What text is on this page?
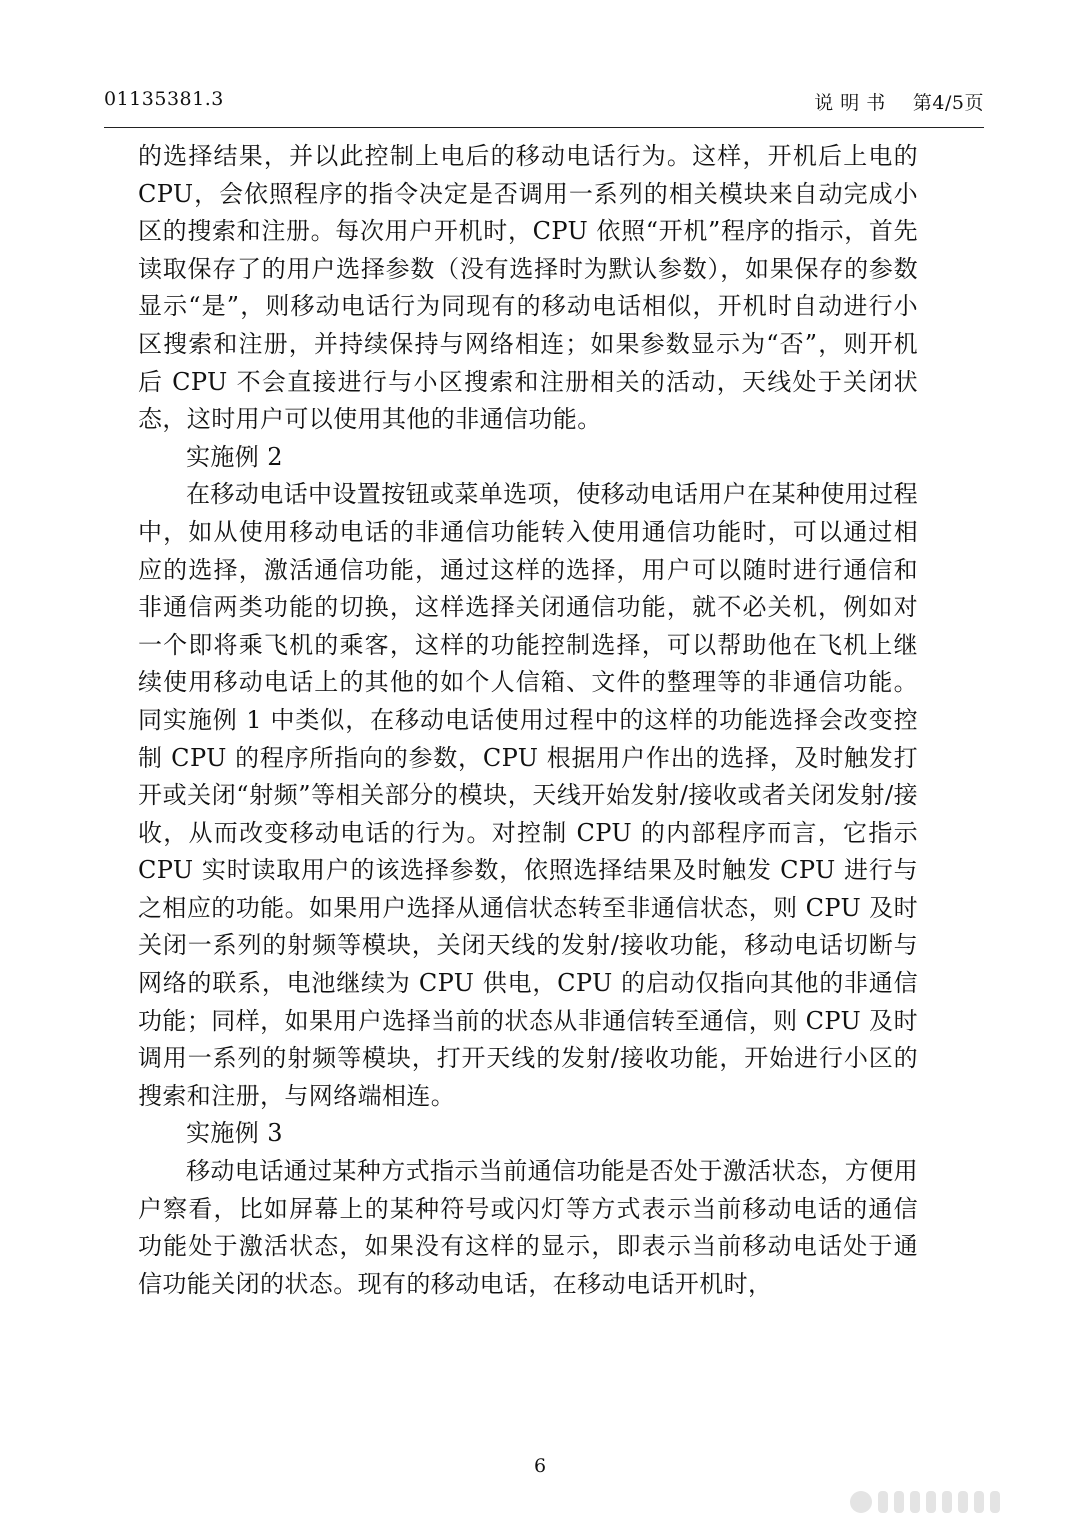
01135381.3	说 明 书 第4/5页

的选择结果，并以此控制上电后的移动电话行为。这样，开机后上电的 CPU，会依照程序的指令决定是否调用一系列的相关模块来自动完成小区的搜索和注册。每次用户开机时，CPU 依照“开机”程序的指示，首先读取保存了的用户选择参数（没有选择时为默认参数），如果保存的参数显示“是”，则移动电话行为同现有的移动电话相似，开机时自动进行小区搜索和注册，并持续保持与网络相连；如果参数显示为“否”，则开机后 CPU 不会直接进行与小区搜索和注册相关的活动，天线处于关闭状态，这时用户可以使用其他的非通信功能。

实施例 2

在移动电话中设置按钮或菜单选项，使移动电话用户在某种使用过程中，如从使用移动电话的非通信功能转入使用通信功能时，可以通过相应的选择，激活通信功能，通过这样的选择，用户可以随时进行通信和非通信两类功能的切换，这样选择关闭通信功能，就不必关机，例如对一个即将乘飞机的乘客，这样的功能控制选择，可以帮助他在飞机上继续使用移动电话上的其他的如个人信箱、文件的整理等的非通信功能。同实施例 1 中类似，在移动电话使用过程中的这样的功能选择会改变控制 CPU 的程序所指向的参数，CPU 根据用户作出的选择，及时触发打开或关闭“射频”等相关部分的模块，天线开始发射/接收或者关闭发射/接收，从而改变移动电话的行为。对控制 CPU 的内部程序而言，它指示 CPU 实时读取用户的该选择参数，依照选择结果及时触发 CPU 进行与之相应的功能。如果用户选择从通信状态转至非通信状态，则 CPU 及时关闭一系列的射频等模块，关闭天线的发射/接收功能，移动电话切断与网络的联系，电池继续为 CPU 供电，CPU 的启动仅指向其他的非通信功能；同样，如果用户选择当前的状态从非通信转至通信，则 CPU 及时调用一系列的射频等模块，打开天线的发射/接收功能，开始进行小区的搜索和注册，与网络端相连。

实施例 3

移动电话通过某种方式指示当前通信功能是否处于激活状态，方便用户察看，比如屏幕上的某种符号或闪灯等方式表示当前移动电话的通信功能处于激活状态，如果没有这样的显示，即表示当前移动电话处于通信功能关闭的状态。现有的移动电话，在移动电话开机时，

6
